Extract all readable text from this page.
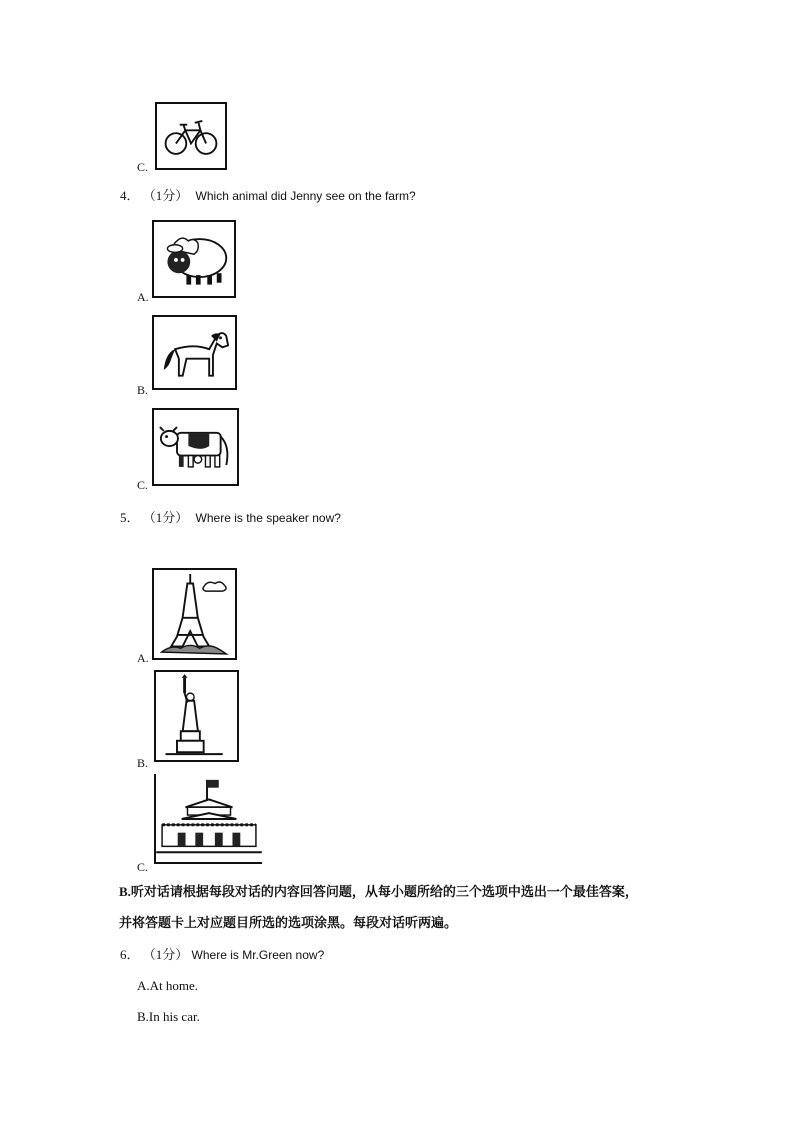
C.
4． （1分） Which animal did Jenny see on the farm?
A.
B.
C.
5． （1分） Where is the speaker now?
A.
B.
C.
B.听对话请根据每段对话的内容回答问题，从每小题所给的三个选项中选出一个最佳答案，
并将答题卡上对应题目所选的选项涂黑。每段对话听两遍。
6． （1分） Where is Mr.Green now?
A.At home.
B.In his car.
